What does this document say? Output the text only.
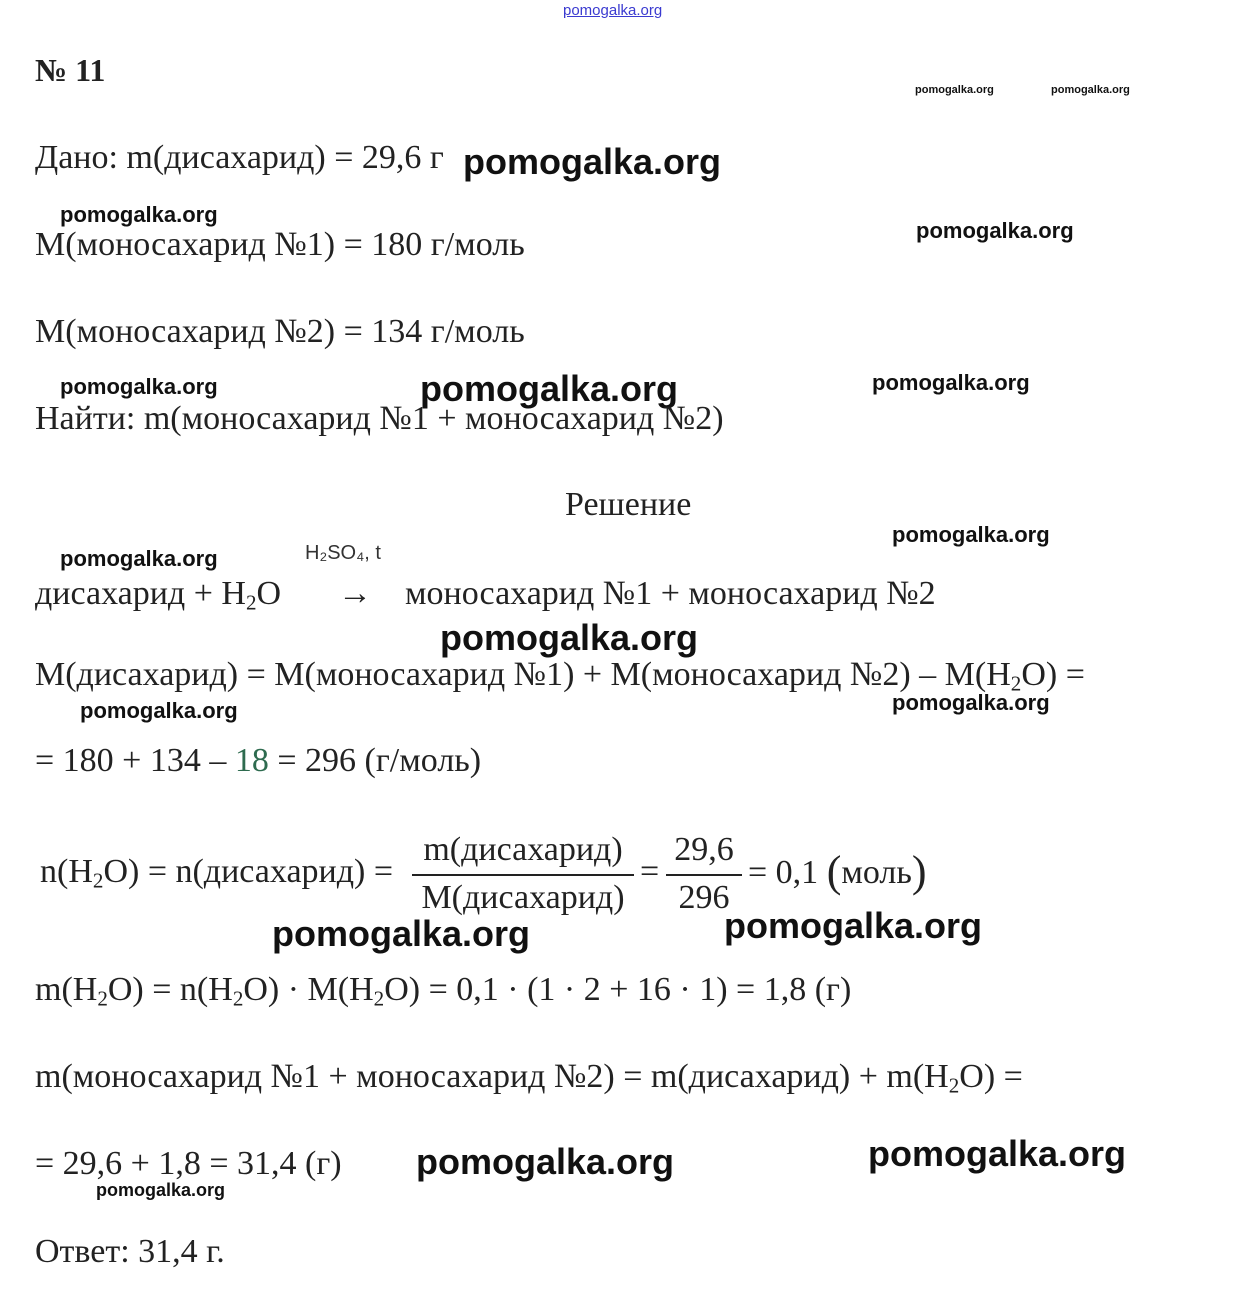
pomogalka.org
№ 11
pomogalka.org	pomogalka.org
Дано: m(дисахарид) = 29,6 г pomogalka.org
pomogalka.org
pomogalka.org
M(моносахарид №1) = 180 г/моль
M(моносахарид №2) = 134 г/моль
pomogalka.org	pomogalka.org	pomogalka.org
Найти: m(моносахарид №1 + моносахарид №2)
Решение
pomogalka.org
pomogalka.org	H₂SO₄, t
дисахарид + $H_2O$ → моносахарид №1 + моносахарид №2
pomogalka.org
M(дисахарид) = M(моносахарид №1) + M(моносахарид №2) – $M(H_2O)$ =
pomogalka.org	pomogalka.org
= 180 + 134 – 18 = 296 (г/моль)
$n(H_2O)$ = n(дисахарид) =
m(дисахарид)
M(дисахарид)
=
29,6
296
= 0,1 (моль)
pomogalka.org	pomogalka.org
$m(H_2O) = n(H_2O) \cdot M(H_2O) = 0,1 \cdot (1 \cdot 2 + 16 \cdot 1) = 1,8$ (г)
m(моносахарид №1 + моносахарид №2) = m(дисахарид) + $m(H_2O)$ =
pomogalka.org
= 29,6 + 1,8 = 31,4 (г) pomogalka.org
pomogalka.org
Ответ: 31,4 г.
